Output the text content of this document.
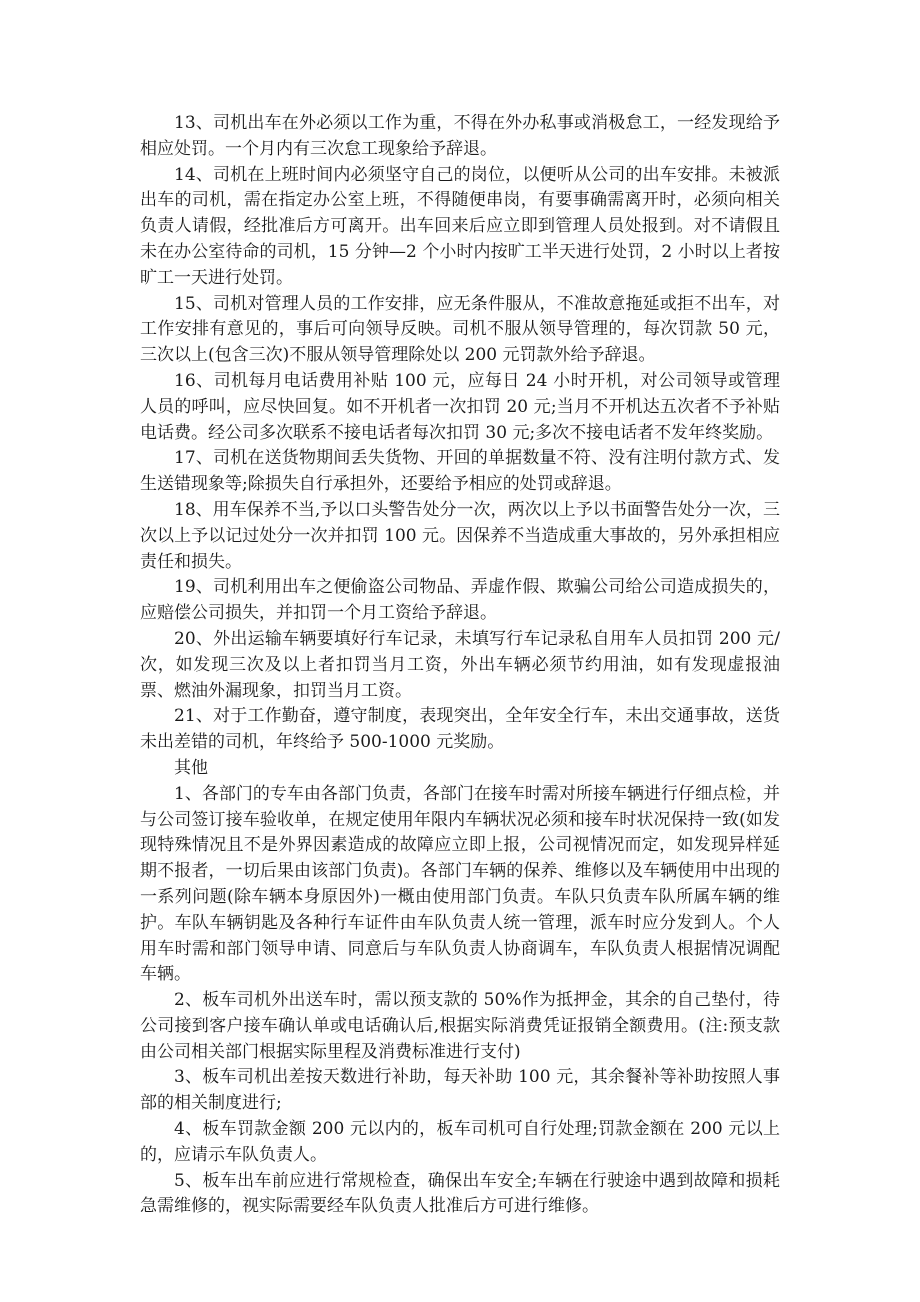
13、司机出车在外必须以工作为重，不得在外办私事或消极怠工，一经发现给予相应处罚。一个月内有三次怠工现象给予辞退。

14、司机在上班时间内必须坚守自己的岗位，以便听从公司的出车安排。未被派出车的司机，需在指定办公室上班，不得随便串岗，有要事确需离开时，必须向相关负责人请假，经批准后方可离开。出车回来后应立即到管理人员处报到。对不请假且未在办公室待命的司机，15 分钟—2 个小时内按旷工半天进行处罚，2 小时以上者按旷工一天进行处罚。

15、司机对管理人员的工作安排，应无条件服从，不准故意拖延或拒不出车，对工作安排有意见的，事后可向领导反映。司机不服从领导管理的，每次罚款 50 元，三次以上(包含三次)不服从领导管理除处以 200 元罚款外给予辞退。

16、司机每月电话费用补贴 100 元，应每日 24 小时开机，对公司领导或管理人员的呼叫，应尽快回复。如不开机者一次扣罚 20 元;当月不开机达五次者不予补贴电话费。经公司多次联系不接电话者每次扣罚 30 元;多次不接电话者不发年终奖励。

17、司机在送货物期间丢失货物、开回的单据数量不符、没有注明付款方式、发生送错现象等;除损失自行承担外，还要给予相应的处罚或辞退。

18、用车保养不当,予以口头警告处分一次，两次以上予以书面警告处分一次，三次以上予以记过处分一次并扣罚 100 元。因保养不当造成重大事故的，另外承担相应责任和损失。

19、司机利用出车之便偷盗公司物品、弄虚作假、欺骗公司给公司造成损失的，应赔偿公司损失，并扣罚一个月工资给予辞退。

20、外出运输车辆要填好行车记录，未填写行车记录私自用车人员扣罚 200 元/次，如发现三次及以上者扣罚当月工资，外出车辆必须节约用油，如有发现虚报油票、燃油外漏现象，扣罚当月工资。

21、对于工作勤奋，遵守制度，表现突出，全年安全行车，未出交通事故，送货未出差错的司机，年终给予 500-1000 元奖励。

其他

1、各部门的专车由各部门负责，各部门在接车时需对所接车辆进行仔细点检，并与公司签订接车验收单，在规定使用年限内车辆状况必须和接车时状况保持一致(如发现特殊情况且不是外界因素造成的故障应立即上报，公司视情况而定，如发现异样延期不报者，一切后果由该部门负责)。各部门车辆的保养、维修以及车辆使用中出现的一系列问题(除车辆本身原因外)一概由使用部门负责。车队只负责车队所属车辆的维护。车队车辆钥匙及各种行车证件由车队负责人统一管理，派车时应分发到人。个人用车时需和部门领导申请、同意后与车队负责人协商调车，车队负责人根据情况调配车辆。

2、板车司机外出送车时，需以预支款的 50%作为抵押金，其余的自己垫付，待公司接到客户接车确认单或电话确认后,根据实际消费凭证报销全额费用。(注:预支款由公司相关部门根据实际里程及消费标准进行支付)

3、板车司机出差按天数进行补助，每天补助 100 元，其余餐补等补助按照人事部的相关制度进行;

4、板车罚款金额 200 元以内的，板车司机可自行处理;罚款金额在 200 元以上的，应请示车队负责人。

5、板车出车前应进行常规检查，确保出车安全;车辆在行驶途中遇到故障和损耗急需维修的，视实际需要经车队负责人批准后方可进行维修。
